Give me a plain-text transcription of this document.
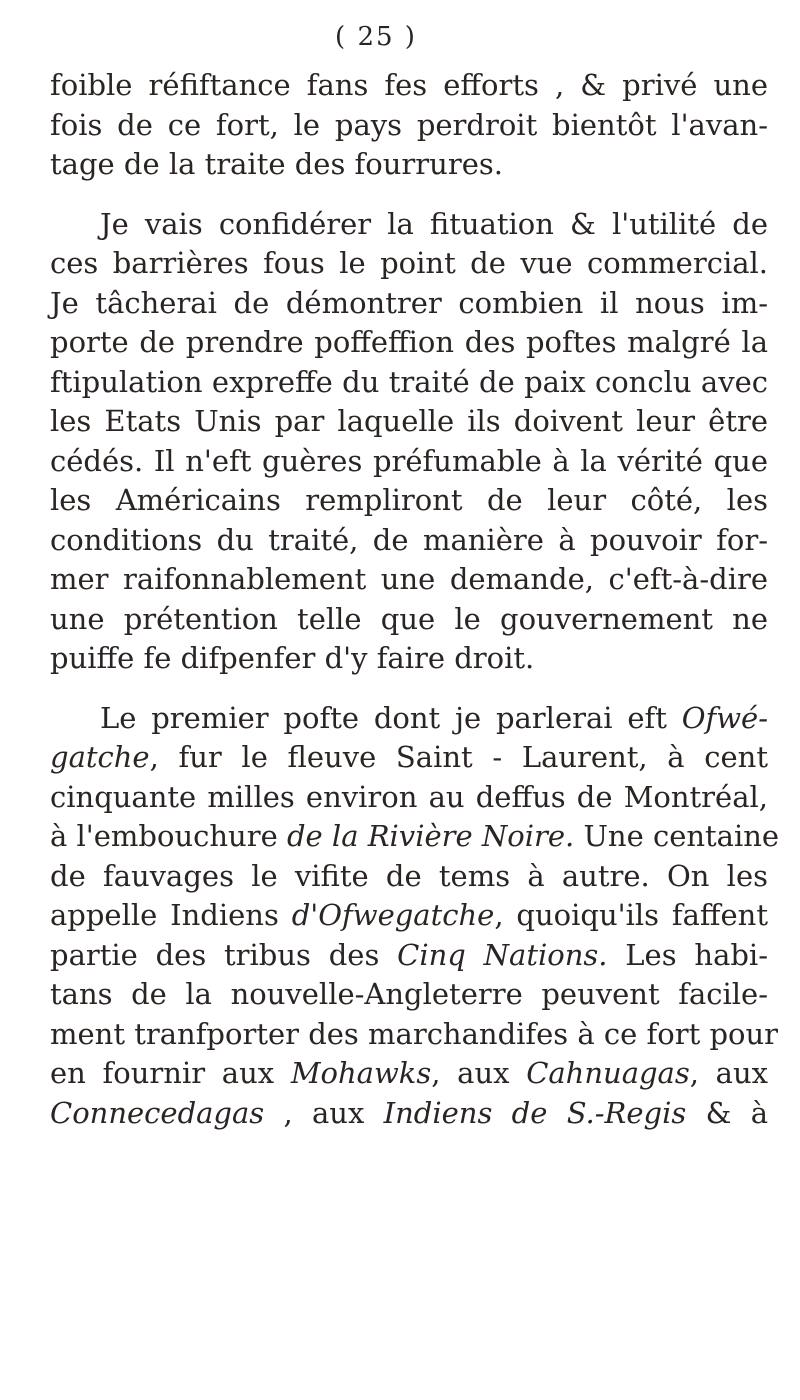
( 25 )

foible réfiftance fans fes efforts , & privé une
fois de ce fort, le pays perdroit bientôt l'avan-
tage de la traite des fourrures.

Je vais confidérer la fituation & l'utilité de
ces barrières fous le point de vue commercial.
Je tâcherai de démontrer combien il nous im-
porte de prendre poffeffion des poftes malgré la
ftipulation expreffe du traité de paix conclu avec
les Etats Unis par laquelle ils doivent leur être
cédés. Il n'eft guères préfumable à la vérité que
les Américains rempliront de leur côté, les
conditions du traité, de manière à pouvoir for-
mer raifonnablement une demande, c'eft-à-dire
une prétention telle que le gouvernement ne
puiffe fe difpenfer d'y faire droit.

Le premier pofte dont je parlerai eft Ofwé-
gatche, fur le fleuve Saint - Laurent, à cent
cinquante milles environ au deffus de Montréal,
à l'embouchure de la Rivière Noire. Une centaine
de fauvages le vifite de tems à autre. On les
appelle Indiens d'Ofwegatche, quoiqu'ils faffent
partie des tribus des Cinq Nations. Les habi-
tans de la nouvelle-Angleterre peuvent facile-
ment tranfporter des marchandifes à ce fort pour
en fournir aux Mohawks, aux Cahnuagas, aux
Connecedagas , aux Indiens de S.-Regis & à
